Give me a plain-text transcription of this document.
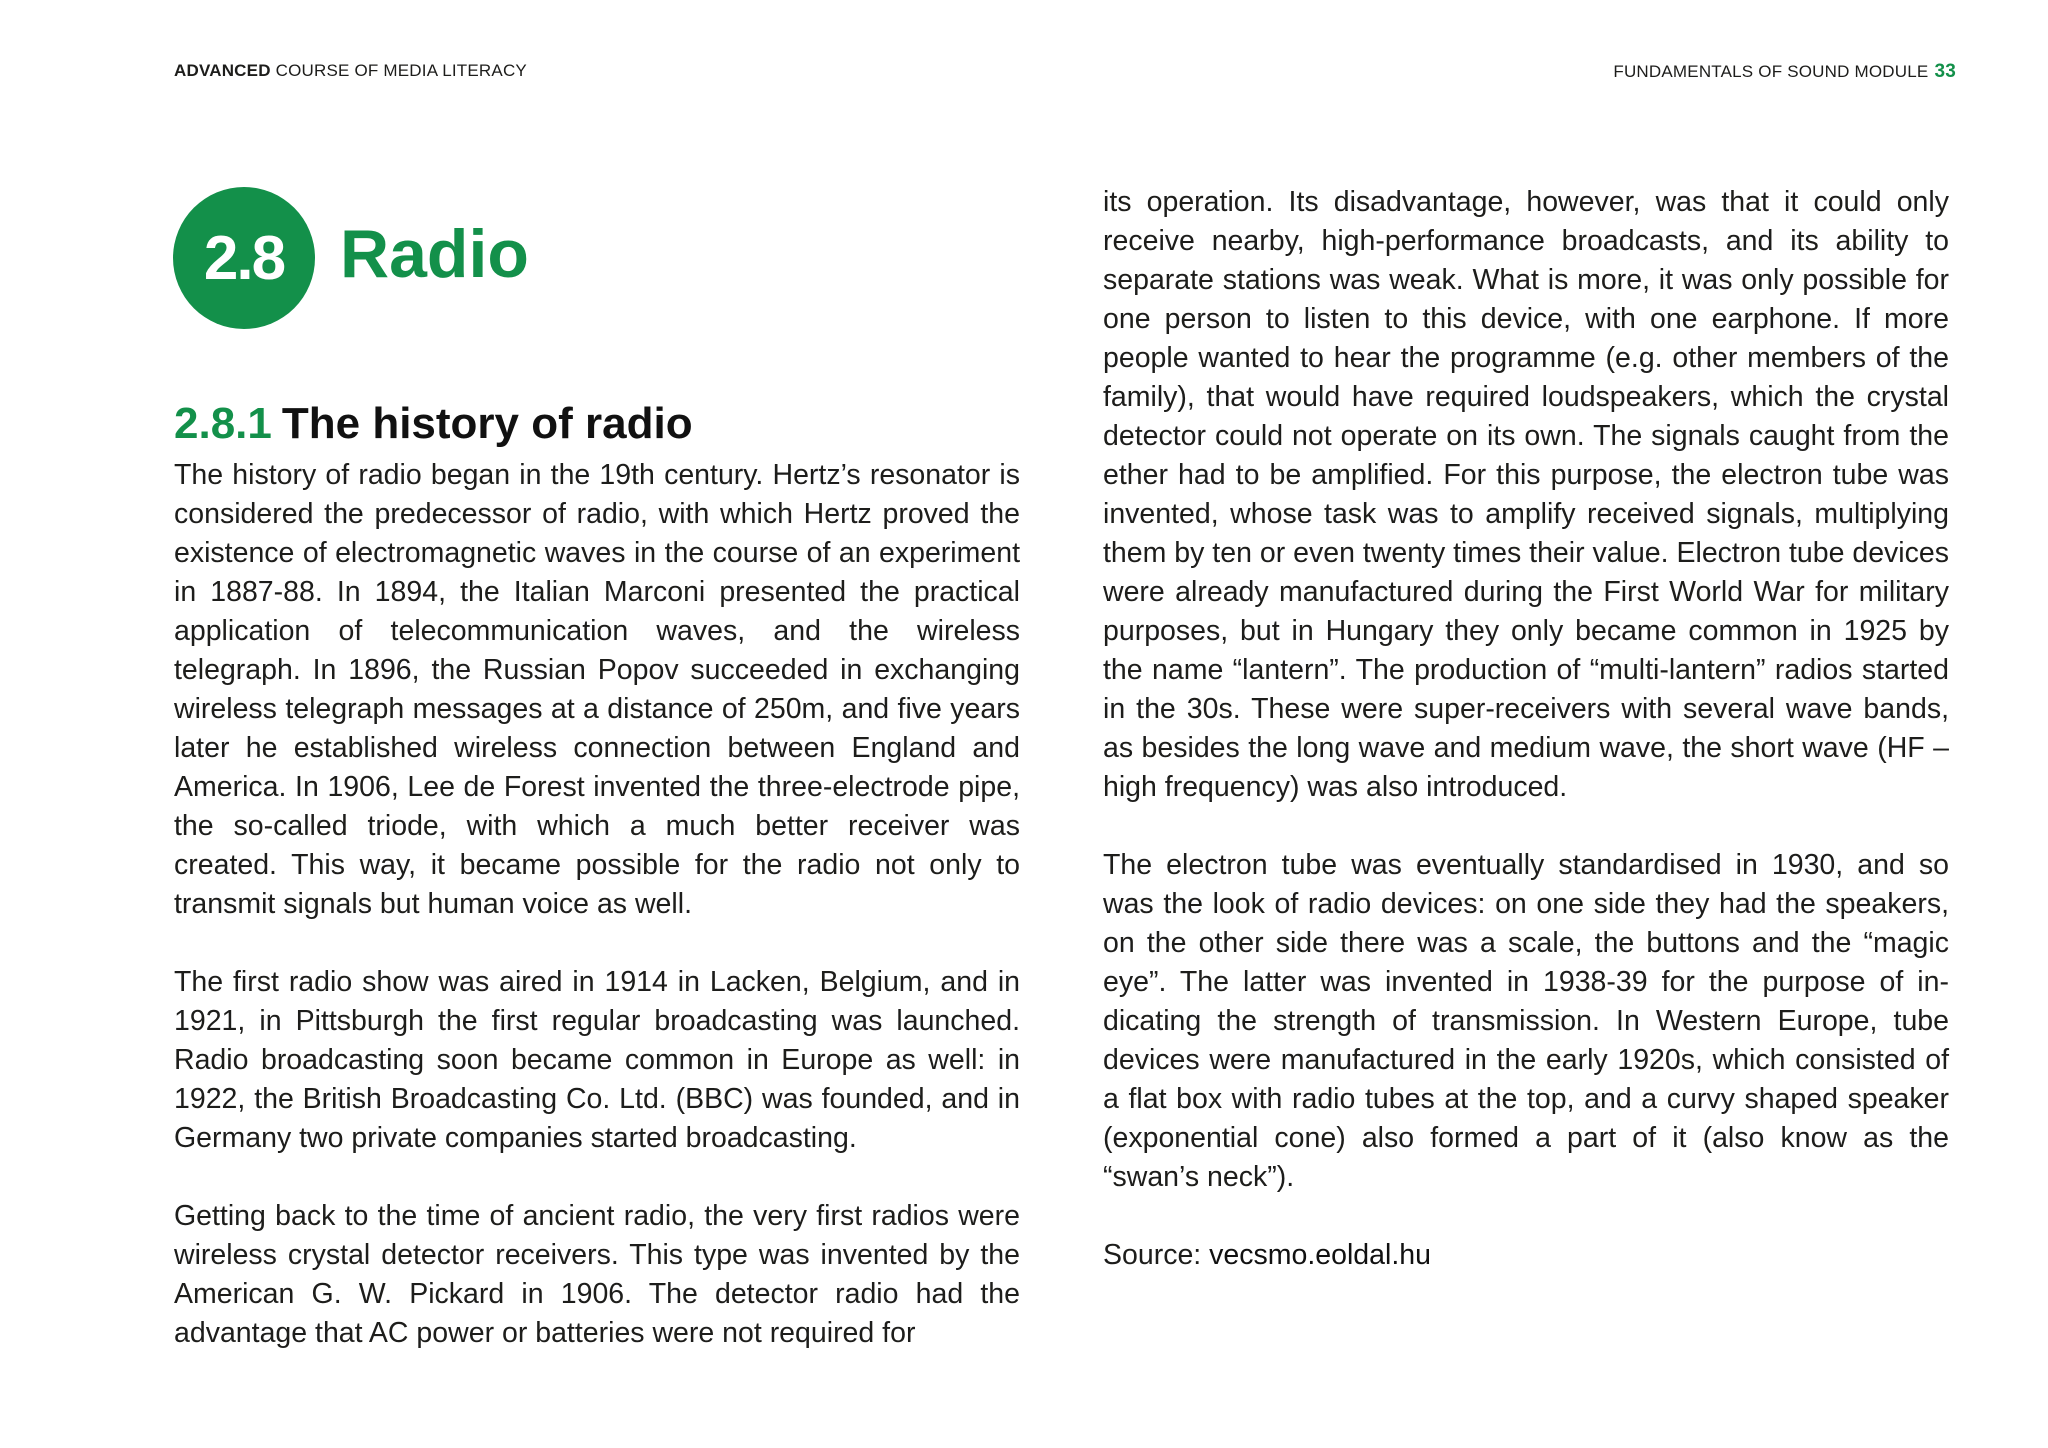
ADVANCED COURSE OF MEDIA LITERACY	FUNDAMENTALS OF SOUND MODULE 33
2.8 Radio
2.8.1 The history of radio

The history of radio began in the 19th century. Hertz’s resonator is considered the predecessor of radio, with which Hertz proved the existence of electromagnetic waves in the course of an experiment in 1887-88. In 1894, the Italian Marconi presented the practical application of telecommunication waves, and the wireless telegraph. In 1896, the Russian Popov succeeded in exchanging wireless telegraph messages at a distance of 250m, and five years later he established wireless connection between England and America. In 1906, Lee de Forest invented the three-electrode pipe, the so-called triode, with which a much better receiver was created. This way, it became possible for the radio not only to transmit signals but human voice as well.

The first radio show was aired in 1914 in Lacken, Belgium, and in 1921, in Pittsburgh the first regular broadcasting was launched. Radio broadcasting soon became common in Europe as well: in 1922, the British Broadcasting Co. Ltd. (BBC) was founded, and in Germany two private companies started broadcasting.

Getting back to the time of ancient radio, the very first radios were wireless crystal detector receivers. This type was invented by the American G. W. Pickard in 1906. The detector radio had the advantage that AC power or batteries were not required for

its operation. Its disadvantage, however, was that it could only receive nearby, high-performance broadcasts, and its ability to separate stations was weak. What is more, it was only possible for one person to listen to this device, with one earphone. If more people wanted to hear the programme (e.g. other members of the family), that would have required loudspeakers, which the crystal detector could not operate on its own. The signals caught from the ether had to be amplified. For this purpose, the electron tube was invented, whose task was to amplify received signals, multiplying them by ten or even twenty times their value. Electron tube devices were already manufactured during the First World War for military purposes, but in Hungary they only became common in 1925 by the name “lantern”. The production of “multi-lantern” radios started in the 30s. These were super-receivers with several wave bands, as besides the long wave and medium wave, the short wave (HF – high frequency) was also introduced.

The electron tube was eventually standardised in 1930, and so was the look of radio devices: on one side they had the speakers, on the other side there was a scale, the buttons and the “magic eye”. The latter was invented in 1938-39 for the purpose of indicating the strength of transmission. In Western Europe, tube devices were manufactured in the early 1920s, which consisted of a flat box with radio tubes at the top, and a curvy shaped speaker (exponential cone) also formed a part of it (also know as the “swan’s neck”).

Source: vecsmo.eoldal.hu
